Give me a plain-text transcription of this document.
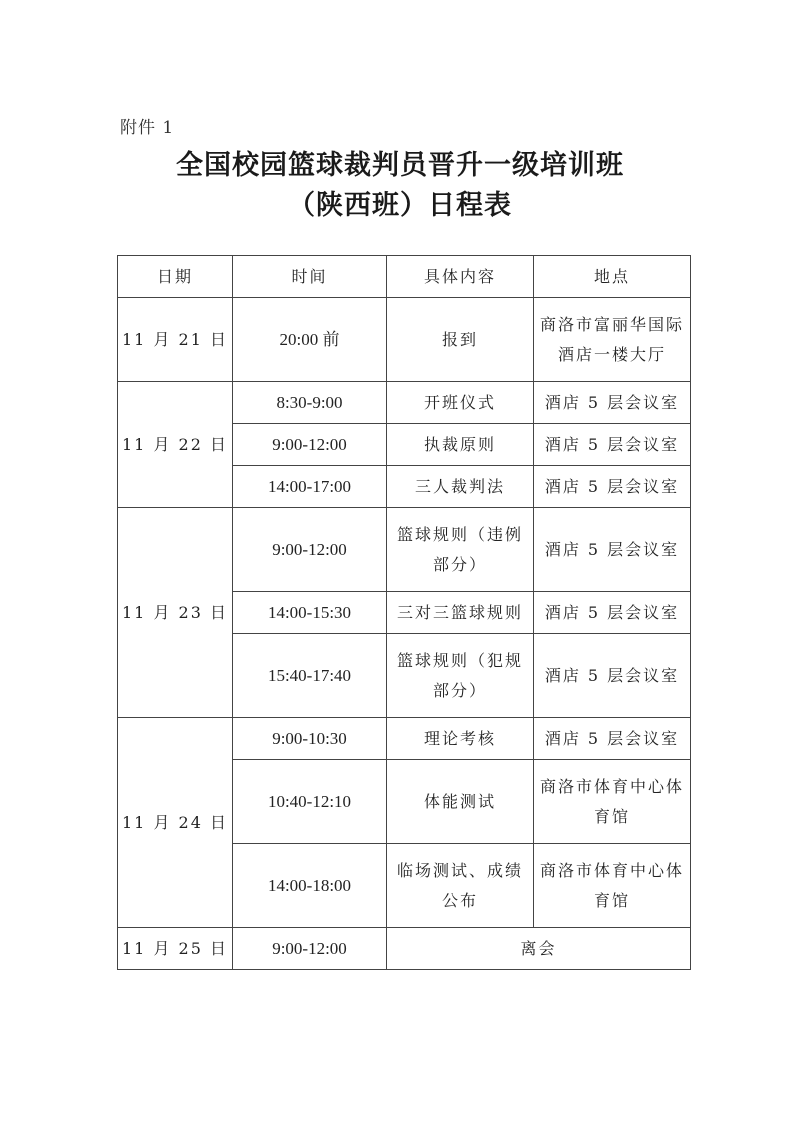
附件 1
全国校园篮球裁判员晋升一级培训班
（陕西班）日程表
日期	时间	具体内容	地点
11 月 21 日	20:00 前	报到	商洛市富丽华国际酒店一楼大厅
11 月 22 日	8:30-9:00	开班仪式	酒店 5 层会议室
	9:00-12:00	执裁原则	酒店 5 层会议室
	14:00-17:00	三人裁判法	酒店 5 层会议室
11 月 23 日	9:00-12:00	篮球规则（违例部分）	酒店 5 层会议室
	14:00-15:30	三对三篮球规则	酒店 5 层会议室
	15:40-17:40	篮球规则（犯规部分）	酒店 5 层会议室
11 月 24 日	9:00-10:30	理论考核	酒店 5 层会议室
	10:40-12:10	体能测试	商洛市体育中心体育馆
	14:00-18:00	临场测试、成绩公布	商洛市体育中心体育馆
11 月 25 日	9:00-12:00	离会	
